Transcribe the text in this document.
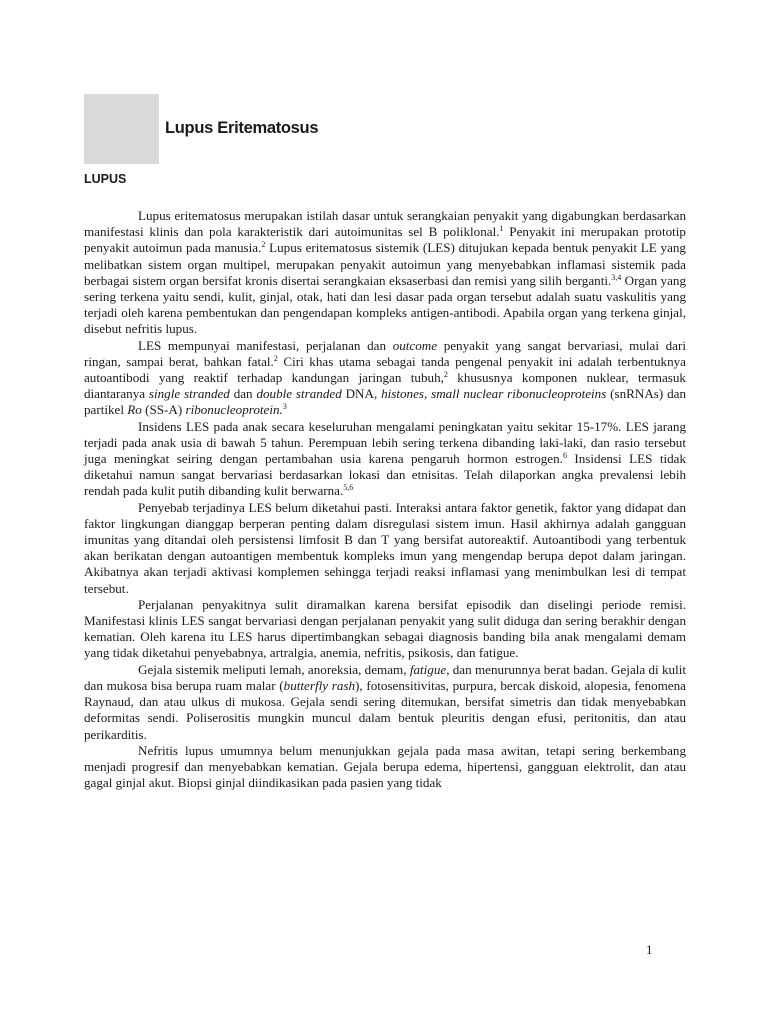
Lupus Eritematosus
LUPUS

Lupus eritematosus merupakan istilah dasar untuk serangkaian penyakit yang digabungkan berdasarkan manifestasi klinis dan pola karakteristik dari autoimunitas sel B poliklonal.$^1$ Penyakit ini merupakan prototip penyakit autoimun pada manusia.$^2$ Lupus eritematosus sistemik (LES) ditujukan kepada bentuk penyakit LE yang melibatkan sistem organ multipel, merupakan penyakit autoimun yang menyebabkan inflamasi sistemik pada berbagai sistem organ bersifat kronis disertai serangkaian eksaserbasi dan remisi yang silih berganti.$^{3,4}$ Organ yang sering terkena yaitu sendi, kulit, ginjal, otak, hati dan lesi dasar pada organ tersebut adalah suatu vaskulitis yang terjadi oleh karena pembentukan dan pengendapan kompleks antigen-antibodi. Apabila organ yang terkena ginjal, disebut nefritis lupus.

LES mempunyai manifestasi, perjalanan dan outcome penyakit yang sangat bervariasi, mulai dari ringan, sampai berat, bahkan fatal.$^2$ Ciri khas utama sebagai tanda pengenal penyakit ini adalah terbentuknya autoantibodi yang reaktif terhadap kandungan jaringan tubuh,$^2$ khususnya komponen nuklear, termasuk diantaranya single stranded dan double stranded DNA, histones, small nuclear ribonucleoproteins (snRNAs) dan partikel Ro (SS-A) ribonucleoprotein.$^3$

Insidens LES pada anak secara keseluruhan mengalami peningkatan yaitu sekitar 15-17%. LES jarang terjadi pada anak usia di bawah 5 tahun. Perempuan lebih sering terkena dibanding laki-laki, dan rasio tersebut juga meningkat seiring dengan pertambahan usia karena pengaruh hormon estrogen.$^6$ Insidensi LES tidak diketahui namun sangat bervariasi berdasarkan lokasi dan etnisitas. Telah dilaporkan angka prevalensi lebih rendah pada kulit putih dibanding kulit berwarna.$^{5,6}$

Penyebab terjadinya LES belum diketahui pasti. Interaksi antara faktor genetik, faktor yang didapat dan faktor lingkungan dianggap berperan penting dalam disregulasi sistem imun. Hasil akhirnya adalah gangguan imunitas yang ditandai oleh persistensi limfosit B dan T yang bersifat autoreaktif. Autoantibodi yang terbentuk akan berikatan dengan autoantigen membentuk kompleks imun yang mengendap berupa depot dalam jaringan. Akibatnya akan terjadi aktivasi komplemen sehingga terjadi reaksi inflamasi yang menimbulkan lesi di tempat tersebut.

Perjalanan penyakitnya sulit diramalkan karena bersifat episodik dan diselingi periode remisi. Manifestasi klinis LES sangat bervariasi dengan perjalanan penyakit yang sulit diduga dan sering berakhir dengan kematian. Oleh karena itu LES harus dipertimbangkan sebagai diagnosis banding bila anak mengalami demam yang tidak diketahui penyebabnya, artralgia, anemia, nefritis, psikosis, dan fatigue.

Gejala sistemik meliputi lemah, anoreksia, demam, fatigue, dan menurunnya berat badan. Gejala di kulit dan mukosa bisa berupa ruam malar (butterfly rash), fotosensitivitas, purpura, bercak diskoid, alopesia, fenomena Raynaud, dan atau ulkus di mukosa. Gejala sendi sering ditemukan, bersifat simetris dan tidak menyebabkan deformitas sendi. Poliserositis mungkin muncul dalam bentuk pleuritis dengan efusi, peritonitis, dan atau perikarditis.

Nefritis lupus umumnya belum menunjukkan gejala pada masa awitan, tetapi sering berkembang menjadi progresif dan menyebabkan kematian. Gejala berupa edema, hipertensi, gangguan elektrolit, dan atau gagal ginjal akut. Biopsi ginjal diindikasikan pada pasien yang tidak

1
